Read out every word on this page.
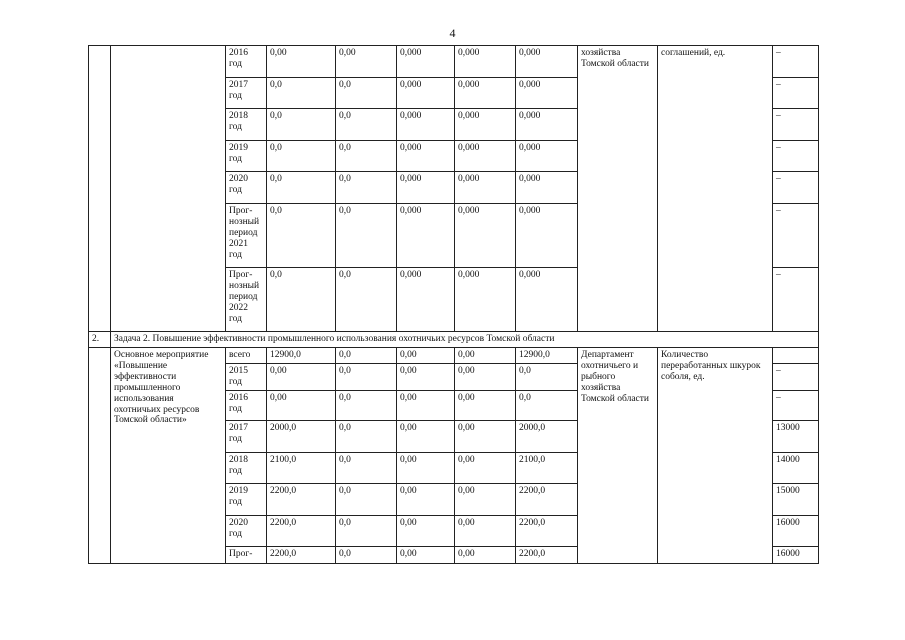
4
		2016 год	0,00	0,00	0,000	0,000	0,000	хозяйства Томской области	соглашений, ед.	–
		2017 год	0,0	0,0	0,000	0,000	0,000			–
		2018 год	0,0	0,0	0,000	0,000	0,000			–
		2019 год	0,0	0,0	0,000	0,000	0,000			–
		2020 год	0,0	0,0	0,000	0,000	0,000			–
		Прог-нозный период 2021 год	0,0	0,0	0,000	0,000	0,000			–
		Прог-нозный период 2022 год	0,0	0,0	0,000	0,000	0,000			–
2.	Задача 2. Повышение эффективности промышленного использования охотничьих ресурсов Томской области									
	Основное мероприятие «Повышение эффективности промышленного использования охотничьих ресурсов Томской области»	всего	12900,0	0,0	0,00	0,00	12900,0	Департамент охотничьего и рыбного хозяйства Томской области	Количество переработанных шкурок соболя, ед.	
		2015 год	0,00	0,0	0,00	0,00	0,0			–
		2016 год	0,00	0,0	0,00	0,00	0,0			–
		2017 год	2000,0	0,0	0,00	0,00	2000,0			13000
		2018 год	2100,0	0,0	0,00	0,00	2100,0			14000
		2019 год	2200,0	0,0	0,00	0,00	2200,0			15000
		2020 год	2200,0	0,0	0,00	0,00	2200,0			16000
		Прог-	2200,0	0,0	0,00	0,00	2200,0			16000
